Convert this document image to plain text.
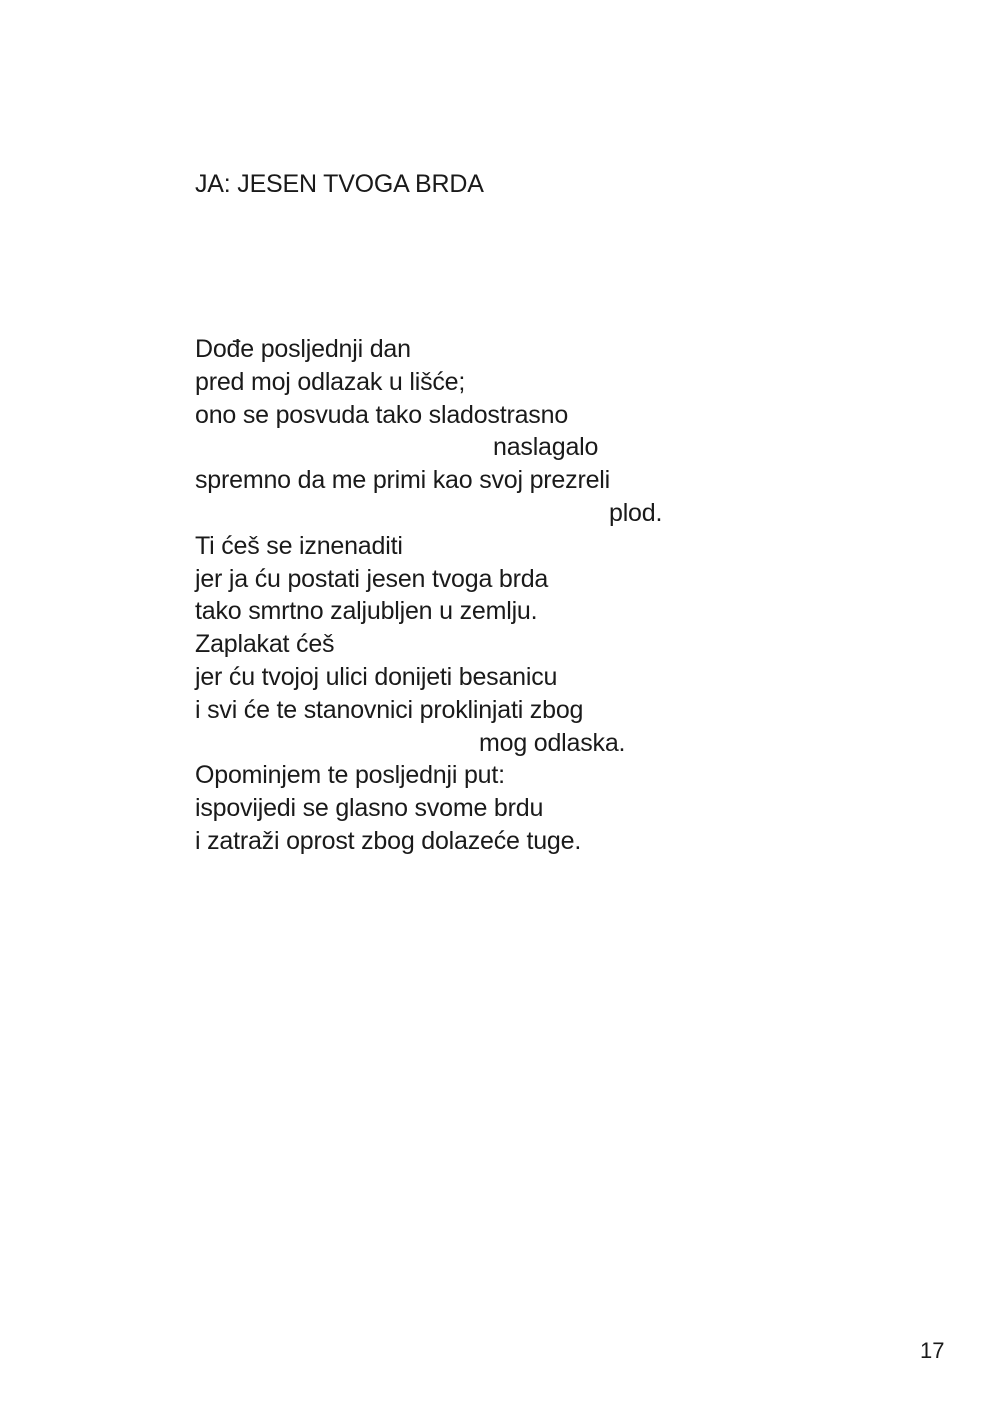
JA: JESEN TVOGA BRDA
Dođe posljednji dan
pred moj odlazak u lišće;
ono se posvuda tako sladostrasno
naslagalo
spremno da me primi kao svoj prezreli
plod.
Ti ćeš se iznenaditi
jer ja ću postati jesen tvoga brda
tako smrtno zaljubljen u zemlju.
Zaplakat ćeš
jer ću tvojoj ulici donijeti besanicu
i svi će te stanovnici proklinjati zbog
mog odlaska.
Opominjem te posljednji put:
ispovijedi se glasno svome brdu
i zatraži oprost zbog dolazeće tuge.
17
